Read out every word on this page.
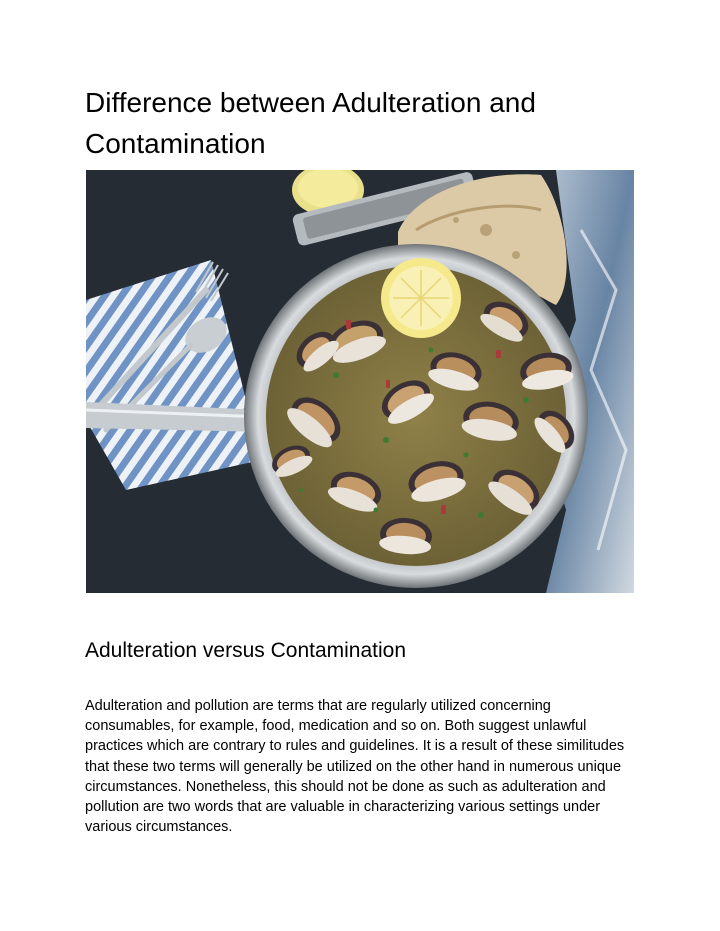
Difference between Adulteration and Contamination
Adulteration versus Contamination

Adulteration and pollution are terms that are regularly utilized concerning consumables, for example, food, medication and so on. Both suggest unlawful practices which are contrary to rules and guidelines. It is a result of these similitudes that these two terms will generally be utilized on the other hand in numerous unique circumstances. Nonetheless, this should not be done as such as adulteration and pollution are two words that are valuable in characterizing various settings under various circumstances.
